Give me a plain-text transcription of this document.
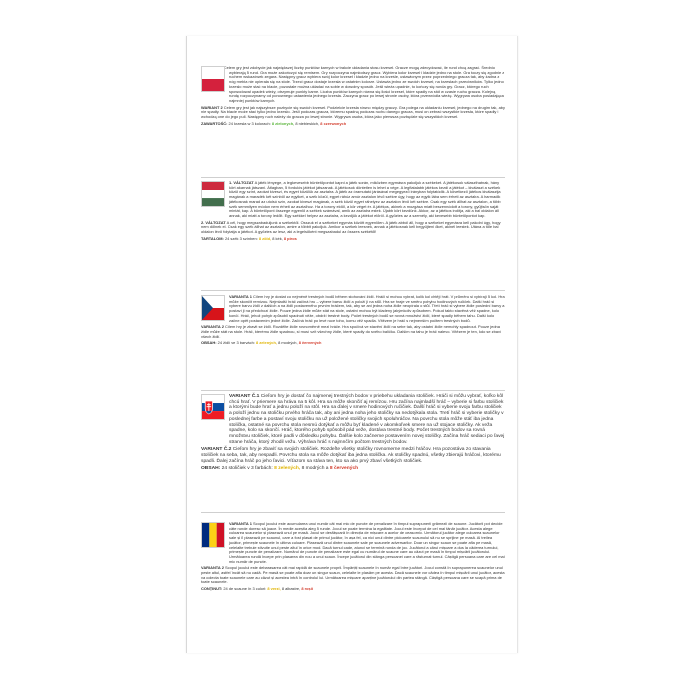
Celem gry jest zdobycie jak największej liczby punktów karnych w trakcie układania stosu krzeseł. Gracze mogą zdecydować, ile rund chcą zagrać. Średnio wybierają 5 rund. Gra może zakończyć się remisem. Gry rozpoczyna najmłodszy gracz. Wybiera kolor krzeseł i kładzie jedno na stole. Gra toczy się zgodnie z ruchem wskazówek zegara. Następny gracz wybiera swój kolor krzeseł i kładzie jedno na krześle, ustawionym przez poprzedniego gracza tak, aby żadna z nóg mebla nie opierała się na stole. Trzeci gracz dostaje krzesła w ostatnim kolorze. Ustawia jedno ze swoich krzeseł, na krzesłach przeciwników. Tylko jedno krzesło może stać na blacie, pozostałe można układać na sobie w dowolny sposób. Jeśli wieża upadnie, to kończy się runda gry. Gracz, którego ruch spowodował upadek wieży, otrzymuje punkty karne. Liczba punktów karnych równa się ilości krzeseł, które spadły na stół w czasie ruchu gracza. Kolejną rundę rozpoczynamy od ponownego ustawienia jednego krzesła. Zaczyna gracz po lewej stronie osoby, która przewróciła wieżę. Wygrywa osoba posiadająca najmniej punktów karnych.
WARIANT 2 Celem gry jest jak najszybsze pozbycie się swoich krzeseł. Podzielcie krzesła równo między graczy. Gra polega na układaniu krzeseł, jednego na drugim tak, aby nie spadły. Na blacie może stać tylko jedno krzesło. Jeśli podczas gracza, któremu spadną podczas ruchu danego gracza, musi on zebrać wszystkie krzesła, które spadły i wchodzą one do jego puli. Następny ruch należy do gracza po lewej stronie. Wygrywa osoba, która jako pierwsza pozbędzie się wszystkich krzeseł.
ZAWARTOŚĆ: 24 krzesła w 3 kolorach: 8 zielonych, 8 niebieskich, 8 czerwonych
1. VÁLTOZAT A játék lényege, a legkevesebb büntetőpontot kapni a játék során, miközben egymásra pakoljuk a székeket. A játékosok választhatnak, hány kört akarnak játszani. Átlagban, 5 fordulós játékot játszanak. A játékosok döntetlen is lehet a vége. A legfiatalabb játékos kezdi a játékot – kiválaszt a székek közül egy színt, azokat kiveszi, és egyet közülük az asztalra. A játék az óramutató járásával megegyező irányban folytatódik. A következő játékos kiválasztja magának a maradék két színből az egyiket, a szék közül, egyet ráhúz amúr asztalon lévő székre úgy, hogy az egyik lába sem érheti az asztalra. A harmadik játékosnak marad az utolsó szín, azokat kiveszi magának, a szék közül egyet ráhelyez az asztalon lévő két székre. Csak egy szék állhat az asztalon, a több szék semmilyen módon nem érheti az asztalhoz. Ha a torony eldől, a kör véget ér. A játékos, akinek a mozgása miatt beszennódott a torony, gyűjtsön saját mintát, kap. A büntetőpont összege egyenlő a székek számával, amik az asztalra estek. Újabb kört kezdünk. Akkor, az a játékos indítja, aki a bal oldalon áll annak, aki miatt a torony ledőlt. Egy székkel helyez az asztalra, a kezdjük a játékot előröl. A győztes az a személy, aki kevesebb büntetőpontot kap.
2. VÁLTOZAT A cél, hogy megszabaduljunk a székektől. Osszuk el a székeket egymás között egyenlően. A játék abból áll, hogy a székeket egymásra kell pakolni úgy, hogy nem dőlnek el. Csak egy szék állhat az asztalon, amire a többit pakoljuk. Amikor a székek leesnek, annak a játékosnak kell begyűjteni őket, akinél leestek. Utána a tőle bal oldalon lévő folytatja a játékot. A győztes az lesz, aki a legelsőként megszabadul az összes székétől!
TARTALOM: 24 szék 3 színben: 8 zöld, 8 kék, 8 piros
VARIANTA 1 Cílem hry je dostat co nejméně trestných bodů během stohování židlí. Hráči si mohou vybrat, kolik kol chtějí hrát. V průměru si vybírají 5 kol. Hra může skončit remízou. Nejmladší hráč začíná hru – vybere barvu židlí a položí ji na stůl. Hra se hraje ve směru pohybu hodinových ručiček. Další hráč si vybere barvu židlí z dalších a na židli postaveného prvním hráčem, tak, aby se ani jedna noha židle neopírala o stůl. Třetí hráč si vybere židle poslední barvy a postaví ji na předchozí židle. Pouze jedna židle může stát na stole, ostatní mohou být kladeny jakýmkoliv způsobem. Pokud takto stavěná věž spadne, kolo končí. Hráč, jehož pohyb způsobil spadnutí věže, obdrží trestné body. Počet trestných bodů se rovná množství židlí, které spadly během tahu. Další kolo začne opět postavením jedné židle. Začíná hráč po levé ruce toho, komu věž spadla. Vítězem je hráč s nejmenším počtem trestných bodů.
VARIANTA 2 Cílem hry je zbavit se židlí. Rozdělte židle rovnoměrně mezi hráče. Hra spočívá ve stavění židlí na sebe tak, aby ostatní židle nemohly spadnout. Pouze jedna židle může stát na stole. Hráč, kterému židle spadnou, si musí vzít všechny židle, které spadly do svého balíčku. Dalším na tahu je hráč nalevo. Vítězem je ten, kdo se zbaví všech židlí.
OBSAH: 24 židlí ve 3 barvách: 8 zelených, 8 modrých, 8 červených
VARIANT Č.1 Cieľom hry je dostať čo najmenej trestných bodov v priebehu ukladania stoličiek. Hráči si môžu vybrať, koľko kôl chcú hrať. V priemere sa hráva na 5 kôl. Hra sa môže skončiť aj remízou. Hru začína najmladší hráč – vyberie si farbu stoličiek a ktorými bude hrať a jednu položí na stôl. Hra sa ďalej v smere hodinových ručičiek. Ďalší hráč si vyberie svoju farbu stoličiek a položí jednu na stoličku prvého hráča tak, aby ani jedna noha jeho stoličky sa nedotýkala stola. Tretí hráč si vyberie stoličky v poslednej farbe a postaví svoju stoličku na už položené stoličky svojich spoluhráčov. Na povrchu stola môže stáť iba jedna stolička, ostatné sa povrchu stola nesmú dotýkať a môžu byť kladené v akomkoľvek smere na už stojace stoličky. Ak veža spadne, kolo sa skončí. Hráč, ktorého pohyb spôsobil pád veže, dostáva trestné body. Počet trestných bodov sa rovná množstvu stoličiek, ktoré padli v dôsledku pohybu. Ďalšie kolo začneme postavením novej stoličky. Začína hráč sediaci po ľavej strane hráča, ktorý zhodil vežu. Výhráva hráč s najmnčím počtom trestných bodov.
VARIANT Č.2 Cieľom hry je zbaviť sa svojich stoličiek. Rozdeľte všetky stoličky rovnomerne medzi hráčov. Hra pozostáva zo stavania stoličiek na seba, tak, aby nespadli. Povrchu stola sa môže dotýkať iba jedna stolička. Ak stoličky spadnú, všetky zbierajú hráčovi, ktorému spadli. Ďalej začína hráč po jeho ľavici. Víťazom sa stáva ten, kto sa ako prvý zbaví všetkých stoličiek.
OBSAH: 24 stoličiek v 3 farbách: 8 zelených, 8 modrých a 8 červených
VARIANTA 1 Scopul jocului este acumularea unui număr cât mai mic de puncte de penalizare în timpul suprapunerii grămezii de scaune. Jucătorii pot decide câte runde doresc să joace. În medie aceștia aleg 5 runde. Jocul se poate termina la egalitate. Jocul este început de cel mai tânăr jucător. Acesta alege culoarea scaunelor și plasează unul pe masă. Jocul se desfășoară în direcția de mișcare a acelor de ceasornic. Următorul jucător alege culoarea scaunelor sale și îl plasează pe scaunul, care a fost plasat de primul jucător, în așa fel, ca nici unul dintre picioarele scaunului să nu se sprijine pe masă. Al treilea jucător, primește scaunele în ultima culoare. Plasează unul dintre scaunele sale pe scaunele adversarilor. Doar un singur scaun se poate afla pe masă, celelalte trebuie stivuite unul peste altul în orice mod. Dacă turnul cade, atunci se termină runda de joc. Jucătorul a cărui mișcare a dus la căderea turnului, primește puncte de penalizare. Numărul de puncte de penalizare este egal cu numărul de scaune care au căzut pe masă în timpul mișcării jucătorului. Următoarea rundă începe prin plasarea din nou a unui scaun. Începe jucătorul din stânga persoanei care a răsturnat turnul. Câștigă persoana care are cel mai mic număr de puncte.
VARIANTA 2 Scopul jocului este debarasarea cât mai rapidă de scaunele proprii. Împărțiți scaunele în număr egal între jucători. Jocul constă în suprapunerea scaunelor unul peste altul, astfel încât să nu cadă. Pe masă se poate afla doar un singur scaun, celelalte le plasăm pe acesta. Dacă scaunele vor cădea în timpul mișcării unui jucător, acesta va colecta toate scaunele care au căzut și acestea intră în controlul lui. Următoarea mișcare aparține jucătorului din partea stângă. Câștigă persoana care se scapă prima de toate scaunele.
CONȚINUT: 24 de scaune în 3 culori: 8 verzi, 8 albastre, 8 roșii
